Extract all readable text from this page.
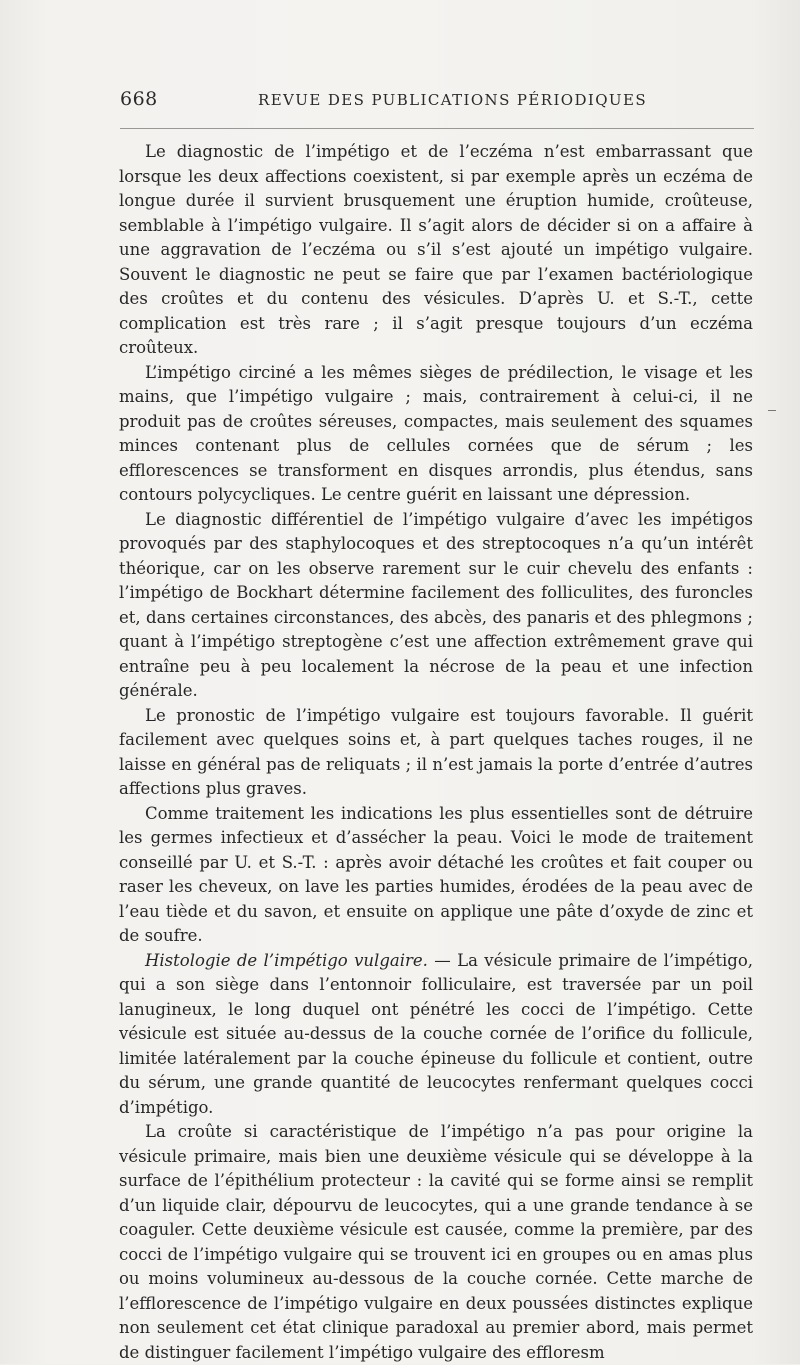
668	REVUE DES PUBLICATIONS PÉRIODIQUES

Le diagnostic de l’impétigo et de l’eczéma n’est embarrassant que lorsque les deux affections coexistent, si par exemple après un eczéma de longue durée il survient brusquement une éruption humide, croûteuse, semblable à l’impétigo vulgaire. Il s’agit alors de décider si on a affaire à une aggravation de l’eczéma ou s’il s’est ajouté un impétigo vulgaire. Souvent le diagnostic ne peut se faire que par l’examen bactériologique des croûtes et du contenu des vésicules. D’après U. et S.-T., cette complication est très rare ; il s’agit presque toujours d’un eczéma croûteux.

L’impétigo circiné a les mêmes sièges de prédilection, le visage et les mains, que l’impétigo vulgaire ; mais, contrairement à celui-ci, il ne produit pas de croûtes séreuses, compactes, mais seulement des squames minces contenant plus de cellules cornées que de sérum ; les efflorescences se transforment en disques arrondis, plus étendus, sans contours polycycliques. Le centre guérit en laissant une dépression.

Le diagnostic différentiel de l’impétigo vulgaire d’avec les impétigos provoqués par des staphylocoques et des streptocoques n’a qu’un intérêt théorique, car on les observe rarement sur le cuir chevelu des enfants : l’impétigo de Bockhart détermine facilement des folliculites, des furoncles et, dans certaines circonstances, des abcès, des panaris et des phlegmons ; quant à l’impétigo streptogène c’est une affection extrêmement grave qui entraîne peu à peu localement la nécrose de la peau et une infection générale.

Le pronostic de l’impétigo vulgaire est toujours favorable. Il guérit facilement avec quelques soins et, à part quelques taches rouges, il ne laisse en général pas de reliquats ; il n’est jamais la porte d’entrée d’autres affections plus graves.

Comme traitement les indications les plus essentielles sont de détruire les germes infectieux et d’assécher la peau. Voici le mode de traitement conseillé par U. et S.-T. : après avoir détaché les croûtes et fait couper ou raser les cheveux, on lave les parties humides, érodées de la peau avec de l’eau tiède et du savon, et ensuite on applique une pâte d’oxyde de zinc et de soufre.

Histologie de l’impétigo vulgaire. — La vésicule primaire de l’impétigo, qui a son siège dans l’entonnoir folliculaire, est traversée par un poil lanugineux, le long duquel ont pénétré les cocci de l’impétigo. Cette vésicule est située au-dessus de la couche cornée de l’orifice du follicule, limitée latéralement par la couche épineuse du follicule et contient, outre du sérum, une grande quantité de leucocytes renfermant quelques cocci d’impétigo.

La croûte si caractéristique de l’impétigo n’a pas pour origine la vésicule primaire, mais bien une deuxième vésicule qui se développe à la surface de l’épithélium protecteur : la cavité qui se forme ainsi se remplit d’un liquide clair, dépourvu de leucocytes, qui a une grande tendance à se coaguler. Cette deuxième vésicule est causée, comme la première, par des cocci de l’impétigo vulgaire qui se trouvent ici en groupes ou en amas plus ou moins volumineux au-dessous de la couche cornée. Cette marche de l’efflorescence de l’impétigo vulgaire en deux poussées distinctes explique non seulement cet état clinique paradoxal au premier abord, mais permet de distinguer facilement l’impétigo vulgaire des effloresm
